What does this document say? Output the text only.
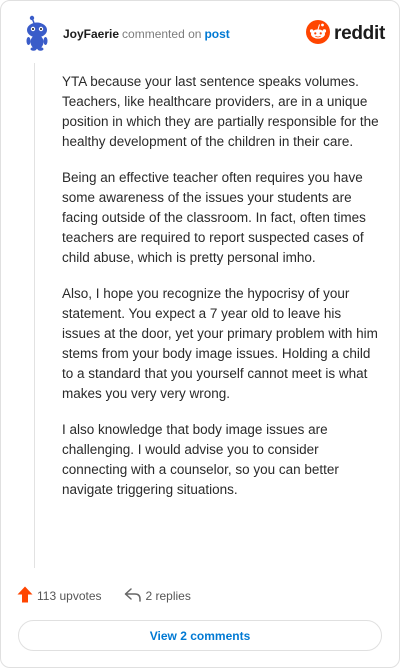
JoyFaerie commented on post	reddit

YTA because your last sentence speaks volumes. Teachers, like healthcare providers, are in a unique position in which they are partially responsible for the healthy development of the children in their care.

Being an effective teacher often requires you have some awareness of the issues your students are facing outside of the classroom. In fact, often times teachers are required to report suspected cases of child abuse, which is pretty personal imho.

Also, I hope you recognize the hypocrisy of your statement. You expect a 7 year old to leave his issues at the door, yet your primary problem with him stems from your body image issues. Holding a child to a standard that you yourself cannot meet is what makes you very very wrong.

I also knowledge that body image issues are challenging. I would advise you to consider connecting with a counselor, so you can better navigate triggering situations.

113 upvotes	2 replies
View 2 comments
